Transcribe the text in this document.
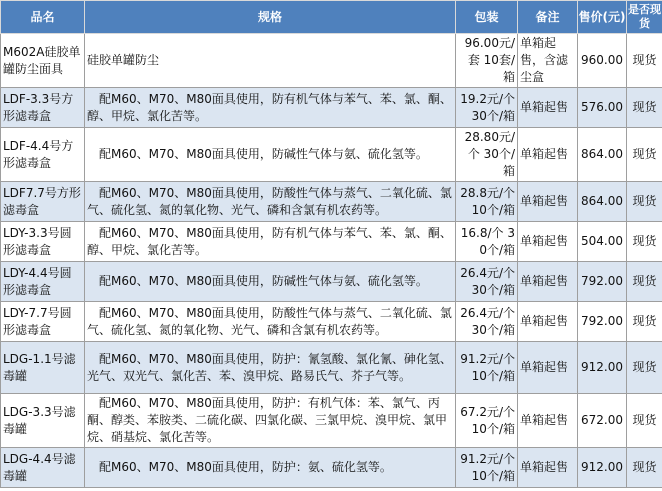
品名	规格	包装	备注	售价(元)	是否现货
M602A硅胶单罐防尘面具	硅胶单罐防尘	96.00元/套 10套/箱	单箱起售，含滤尘盒	960.00	现货
LDF-3.3号方形滤毒盒	　配M60、M70、M80面具使用，防有机气体与苯气、苯、氯、酮、醇、甲烷、氯化苦等。	19.2元/个 30个/箱	单箱起售	576.00	现货
LDF-4.4号方形滤毒盒	　配M60、M70、M80面具使用，防碱性气体与氨、硫化氢等。	28.80元/个 30个/箱	单箱起售	864.00	现货
LDF7.7号方形滤毒盒	　配M60、M70、M80面具使用，防酸性气体与蒸气、二氧化硫、氯气、硫化氢、氮的氧化物、光气、磷和含氯有机农药等。	28.8元/个 10个/箱	单箱起售	864.00	现货
LDY-3.3号圆形滤毒盒	　配M60、M70、M80面具使用，防有机气体与苯气、苯、氯、酮、醇、甲烷、氯化苦等。	16.8/个 30个/箱	单箱起售	504.00	现货
LDY-4.4号圆形滤毒盒	　配M60、M70、M80面具使用，防碱性气体与氨、硫化氢等。	26.4元/个 30个/箱	单箱起售	792.00	现货
LDY-7.7号圆形滤毒盒	　配M60、M70、M80面具使用，防酸性气体与蒸气、二氧化硫、氯气、硫化氢、氮的氧化物、光气、磷和含氯有机农药等。	26.4元/个 30个/箱	单箱起售	792.00	现货
LDG-1.1号滤毒罐	　配M60、M70、M80面具使用，防护：氰氢酸、氯化氰、砷化氢、光气、双光气、氯化苦、苯、溴甲烷、路易氏气、芥子气等。	91.2元/个 10个/箱	单箱起售	912.00	现货
LDG-3.3号滤毒罐	　配M60、M70、M80面具使用，防护：有机气体：苯、氯气、丙酮、醇类、苯胺类、二硫化碳、四氯化碳、三氯甲烷、溴甲烷、氯甲烷、硝基烷、氯化苦等。	67.2元/个 10个/箱	单箱起售	672.00	现货
LDG-4.4号滤毒罐	　配M60、M70、M80面具使用，防护：氨、硫化氢等。	91.2元/个 10个/箱	单箱起售	912.00	现货
